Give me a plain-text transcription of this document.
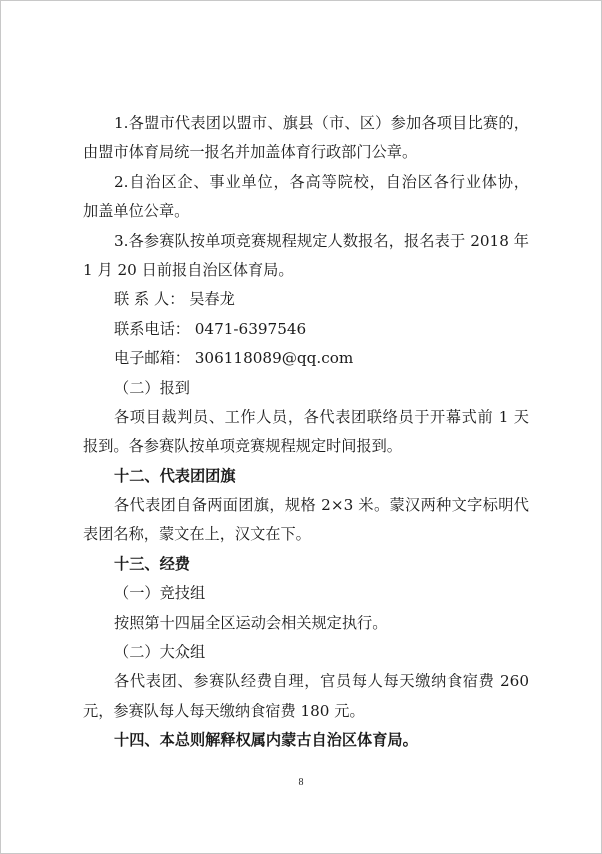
1.各盟市代表团以盟市、旗县（市、区）参加各项目比赛的，
由盟市体育局统一报名并加盖体育行政部门公章。
2.自治区企、事业单位，各高等院校，自治区各行业体协，
加盖单位公章。
3.各参赛队按单项竞赛规程规定人数报名，报名表于 2018 年
1 月 20 日前报自治区体育局。
联 系 人： 吴春龙
联系电话： 0471-6397546
电子邮箱： 306118089@qq.com
（二）报到
各项目裁判员、工作人员，各代表团联络员于开幕式前 1 天
报到。各参赛队按单项竞赛规程规定时间报到。
十二、代表团团旗
各代表团自备两面团旗，规格 2×3 米。蒙汉两种文字标明代
表团名称，蒙文在上，汉文在下。
十三、经费
（一）竞技组
按照第十四届全区运动会相关规定执行。
（二）大众组
各代表团、参赛队经费自理，官员每人每天缴纳食宿费 260
元，参赛队每人每天缴纳食宿费 180 元。
十四、本总则解释权属内蒙古自治区体育局。
8
